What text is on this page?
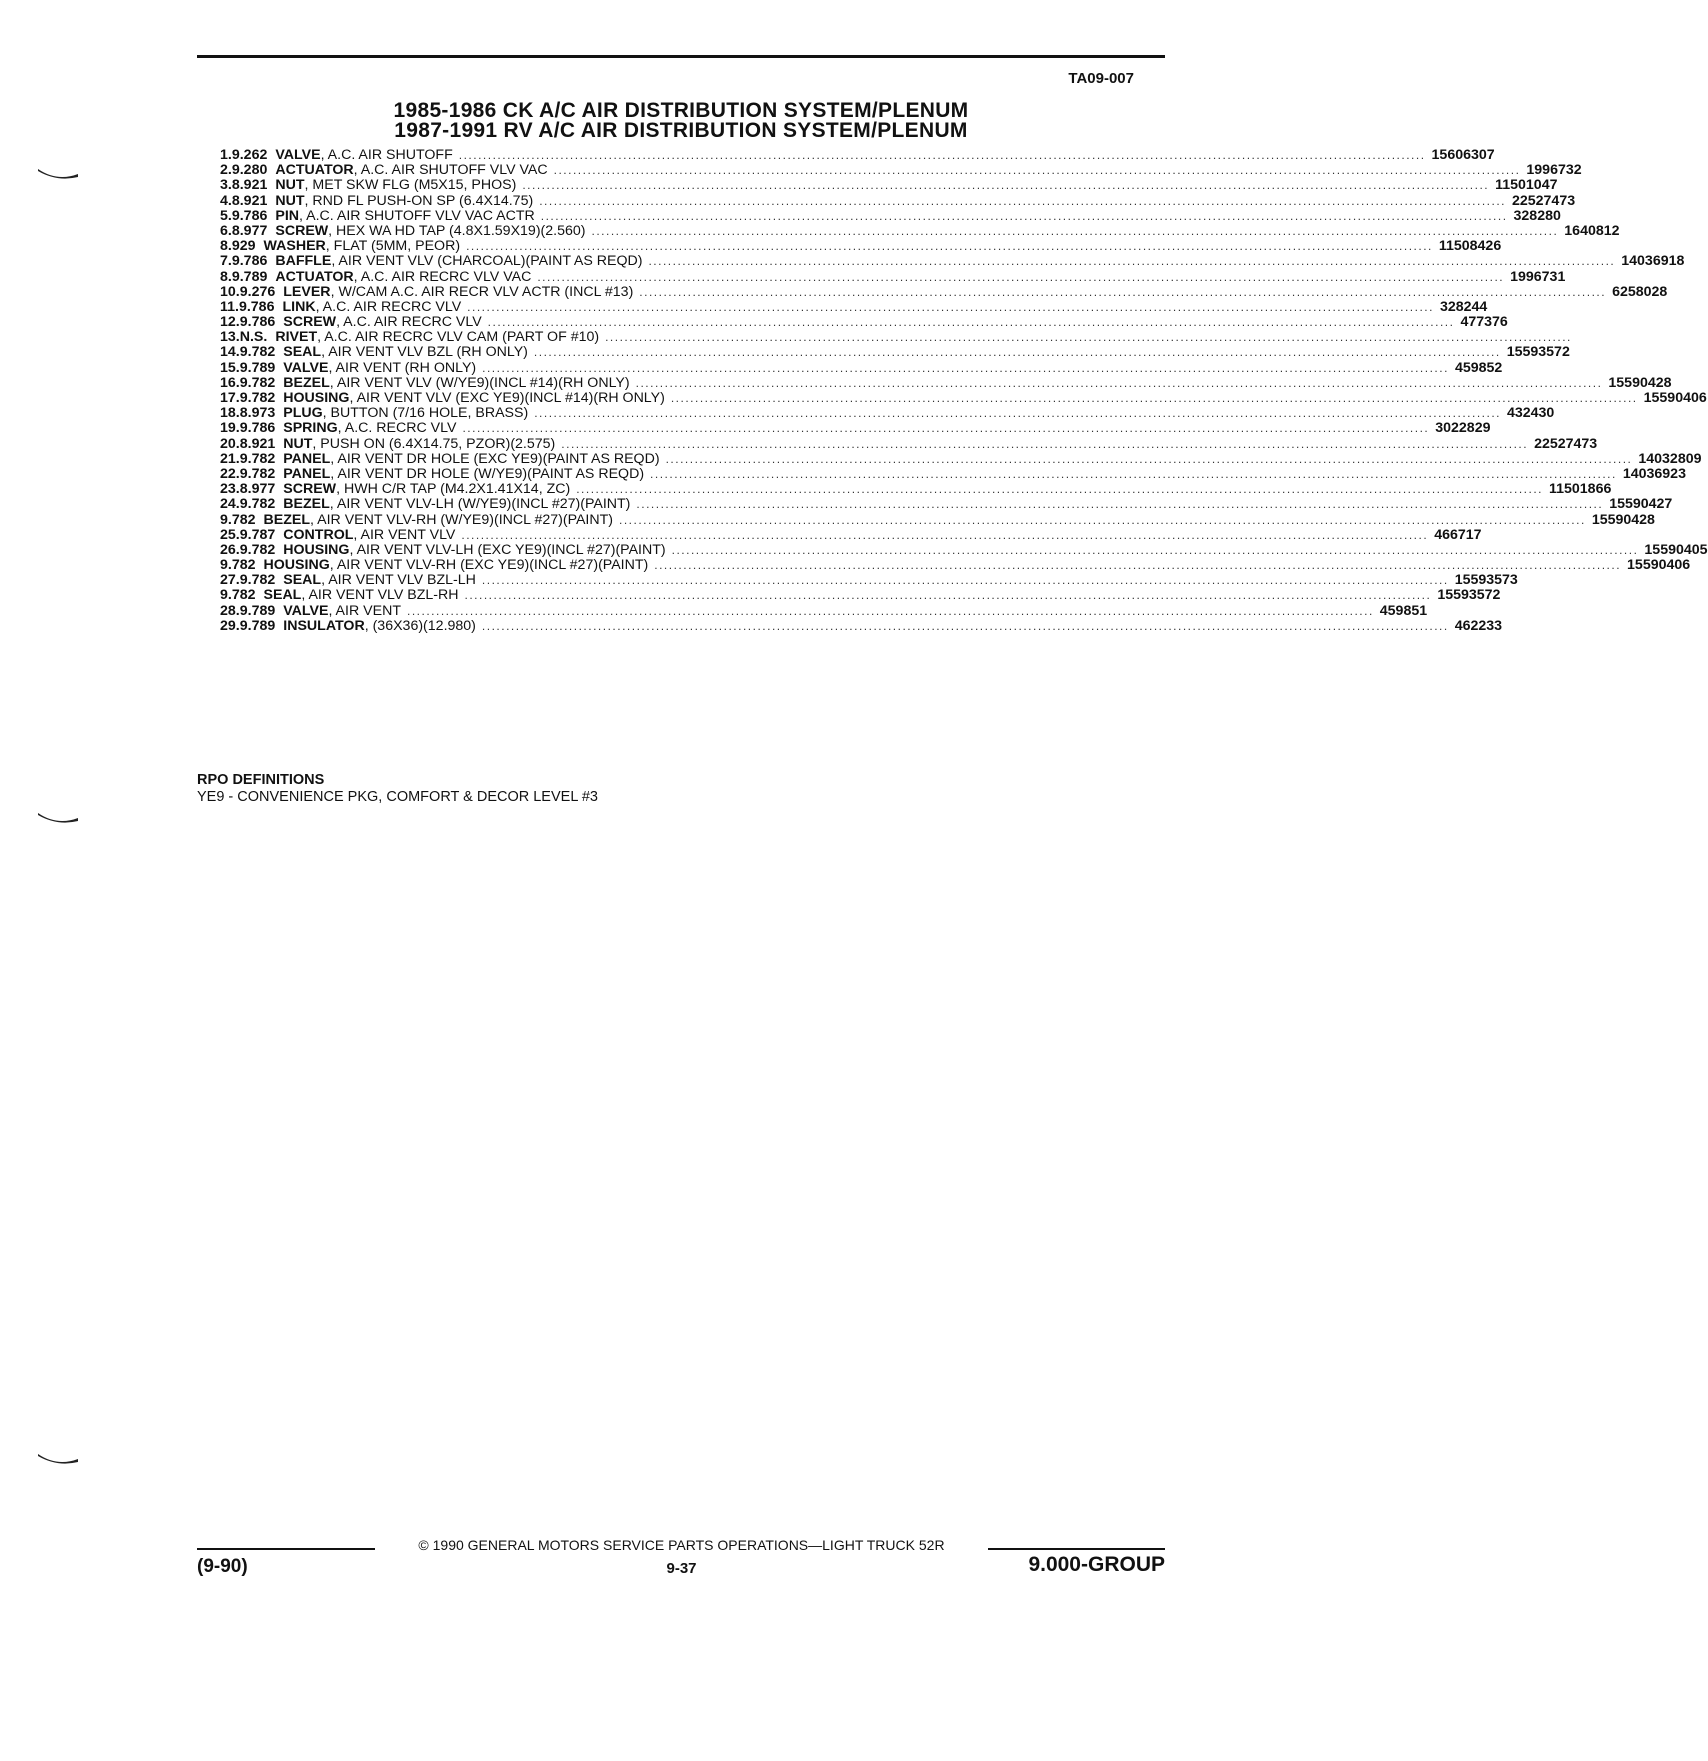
TA09-007
1985-1986 CK A/C AIR DISTRIBUTION SYSTEM/PLENUM
1987-1991 RV A/C AIR DISTRIBUTION SYSTEM/PLENUM
1. 9.262 VALVE, A.C. AIR SHUTOFF ........................................................................................................................................................................................................ 15606307
2. 9.280 ACTUATOR, A.C. AIR SHUTOFF VLV VAC ........................................................................................................................................................................................................ 1996732
3. 8.921 NUT, MET SKW FLG (M5X15, PHOS) ........................................................................................................................................................................................................ 11501047
4. 8.921 NUT, RND FL PUSH-ON SP (6.4X14.75) ........................................................................................................................................................................................................ 22527473
5. 9.786 PIN, A.C. AIR SHUTOFF VLV VAC ACTR ........................................................................................................................................................................................................ 328280
6. 8.977 SCREW, HEX WA HD TAP (4.8X1.59X19)(2.560) ........................................................................................................................................................................................................ 1640812
8.929 WASHER, FLAT (5MM, PEOR) ........................................................................................................................................................................................................ 11508426
7. 9.786 BAFFLE, AIR VENT VLV (CHARCOAL)(PAINT AS REQD) ........................................................................................................................................................................................................ 14036918
8. 9.789 ACTUATOR, A.C. AIR RECRC VLV VAC ........................................................................................................................................................................................................ 1996731
10. 9.276 LEVER, W/CAM A.C. AIR RECR VLV ACTR (INCL #13) ........................................................................................................................................................................................................ 6258028
11. 9.786 LINK, A.C. AIR RECRC VLV ........................................................................................................................................................................................................ 328244
12. 9.786 SCREW, A.C. AIR RECRC VLV ........................................................................................................................................................................................................ 477376
13. N.S. RIVET, A.C. AIR RECRC VLV CAM (PART OF #10) ........................................................................................................................................................................................................
14. 9.782 SEAL, AIR VENT VLV BZL (RH ONLY) ........................................................................................................................................................................................................ 15593572
15. 9.789 VALVE, AIR VENT (RH ONLY) ........................................................................................................................................................................................................ 459852
16. 9.782 BEZEL, AIR VENT VLV (W/YE9)(INCL #14)(RH ONLY) ........................................................................................................................................................................................................ 15590428
17. 9.782 HOUSING, AIR VENT VLV (EXC YE9)(INCL #14)(RH ONLY) ........................................................................................................................................................................................................ 15590406
18. 8.973 PLUG, BUTTON (7/16 HOLE, BRASS) ........................................................................................................................................................................................................ 432430
19. 9.786 SPRING, A.C. RECRC VLV ........................................................................................................................................................................................................ 3022829
20. 8.921 NUT, PUSH ON (6.4X14.75, PZOR)(2.575) ........................................................................................................................................................................................................ 22527473
21. 9.782 PANEL, AIR VENT DR HOLE (EXC YE9)(PAINT AS REQD) ........................................................................................................................................................................................................ 14032809
22. 9.782 PANEL, AIR VENT DR HOLE (W/YE9)(PAINT AS REQD) ........................................................................................................................................................................................................ 14036923
23. 8.977 SCREW, HWH C/R TAP (M4.2X1.41X14, ZC) ........................................................................................................................................................................................................ 11501866
24. 9.782 BEZEL, AIR VENT VLV-LH (W/YE9)(INCL #27)(PAINT) ........................................................................................................................................................................................................ 15590427
9.782 BEZEL, AIR VENT VLV-RH (W/YE9)(INCL #27)(PAINT) ........................................................................................................................................................................................................ 15590428
25. 9.787 CONTROL, AIR VENT VLV ........................................................................................................................................................................................................ 466717
26. 9.782 HOUSING, AIR VENT VLV-LH (EXC YE9)(INCL #27)(PAINT) ........................................................................................................................................................................................................ 15590405
9.782 HOUSING, AIR VENT VLV-RH (EXC YE9)(INCL #27)(PAINT) ........................................................................................................................................................................................................ 15590406
27. 9.782 SEAL, AIR VENT VLV BZL-LH ........................................................................................................................................................................................................ 15593573
9.782 SEAL, AIR VENT VLV BZL-RH ........................................................................................................................................................................................................ 15593572
28. 9.789 VALVE, AIR VENT ........................................................................................................................................................................................................ 459851
29. 9.789 INSULATOR, (36X36)(12.980) ........................................................................................................................................................................................................ 462233
RPO DEFINITIONS
YE9 - CONVENIENCE PKG, COMFORT & DECOR LEVEL #3
© 1990 GENERAL MOTORS SERVICE PARTS OPERATIONS—LIGHT TRUCK 52R
(9-90)	9-37	9.000-GROUP
